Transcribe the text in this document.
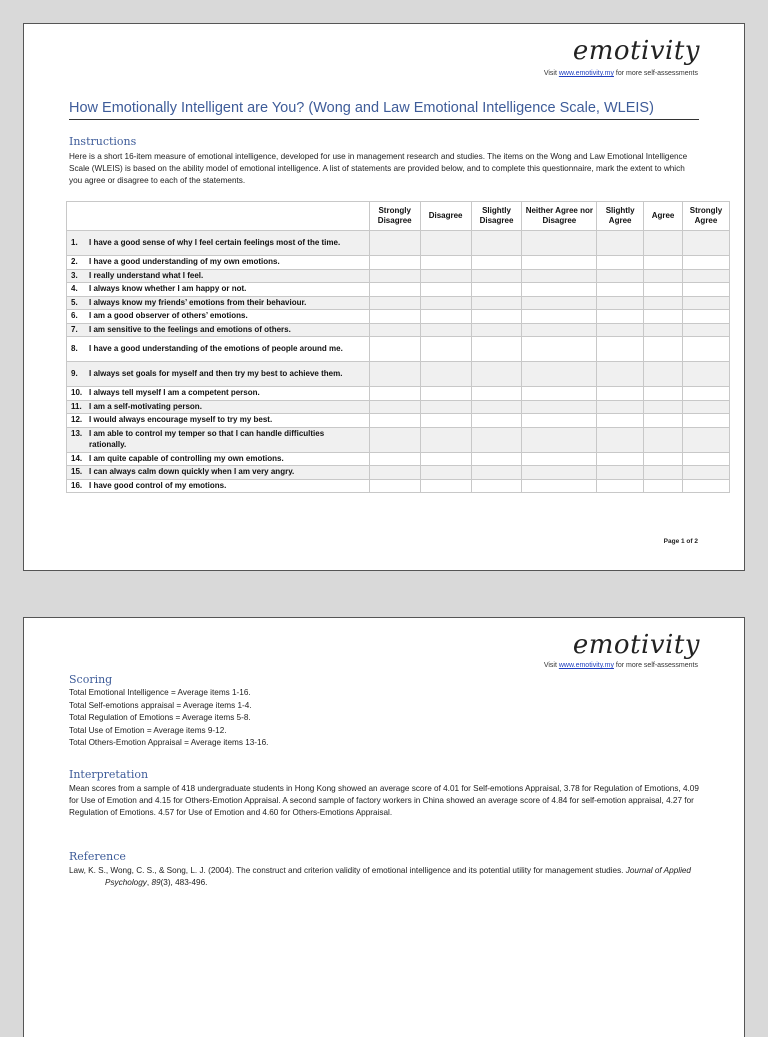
emotivity
Visit www.emotivity.my for more self-assessments
How Emotionally Intelligent are You? (Wong and Law Emotional Intelligence Scale, WLEIS)
Instructions
Here is a short 16-item measure of emotional intelligence, developed for use in management research and studies. The items on the Wong and Law Emotional Intelligence Scale (WLEIS) is based on the ability model of emotional intelligence. A list of statements are provided below, and to complete this questionnaire, mark the extent to which you agree or disagree to each of the statements.
	Strongly Disagree	Disagree	Slightly Disagree	Neither Agree nor Disagree	Slightly Agree	Agree	Strongly Agree
1. I have a good sense of why I feel certain feelings most of the time.							
2. I have a good understanding of my own emotions.							
3. I really understand what I feel.							
4. I always know whether I am happy or not.							
5. I always know my friends’ emotions from their behaviour.							
6. I am a good observer of others’ emotions.							
7. I am sensitive to the feelings and emotions of others.							
8. I have a good understanding of the emotions of people around me.							
9. I always set goals for myself and then try my best to achieve them.							
10. I always tell myself I am a competent person.							
11. I am a self-motivating person.							
12. I would always encourage myself to try my best.							
13. I am able to control my temper so that I can handle difficulties rationally.							
14. I am quite capable of controlling my own emotions.							
15. I can always calm down quickly when I am very angry.							
16. I have good control of my emotions.							
Page 1 of 2
emotivity
Visit www.emotivity.my for more self-assessments
Scoring
Total Emotional Intelligence = Average items 1-16.
Total Self-emotions appraisal = Average items 1-4.
Total Regulation of Emotions = Average items 5-8.
Total Use of Emotion = Average items 9-12.
Total Others-Emotion Appraisal = Average items 13-16.
Interpretation
Mean scores from a sample of 418 undergraduate students in Hong Kong showed an average score of 4.01 for Self-emotions Appraisal, 3.78 for Regulation of Emotions, 4.09 for Use of Emotion and 4.15 for Others-Emotion Appraisal. A second sample of factory workers in China showed an average score of 4.84 for self-emotion appraisal, 4.27 for Regulation of Emotions. 4.57 for Use of Emotion and 4.60 for Others-Emotions Appraisal.
Reference
Law, K. S., Wong, C. S., & Song, L. J. (2004). The construct and criterion validity of emotional intelligence and its potential utility for management studies. Journal of Applied Psychology, 89(3), 483-496.
